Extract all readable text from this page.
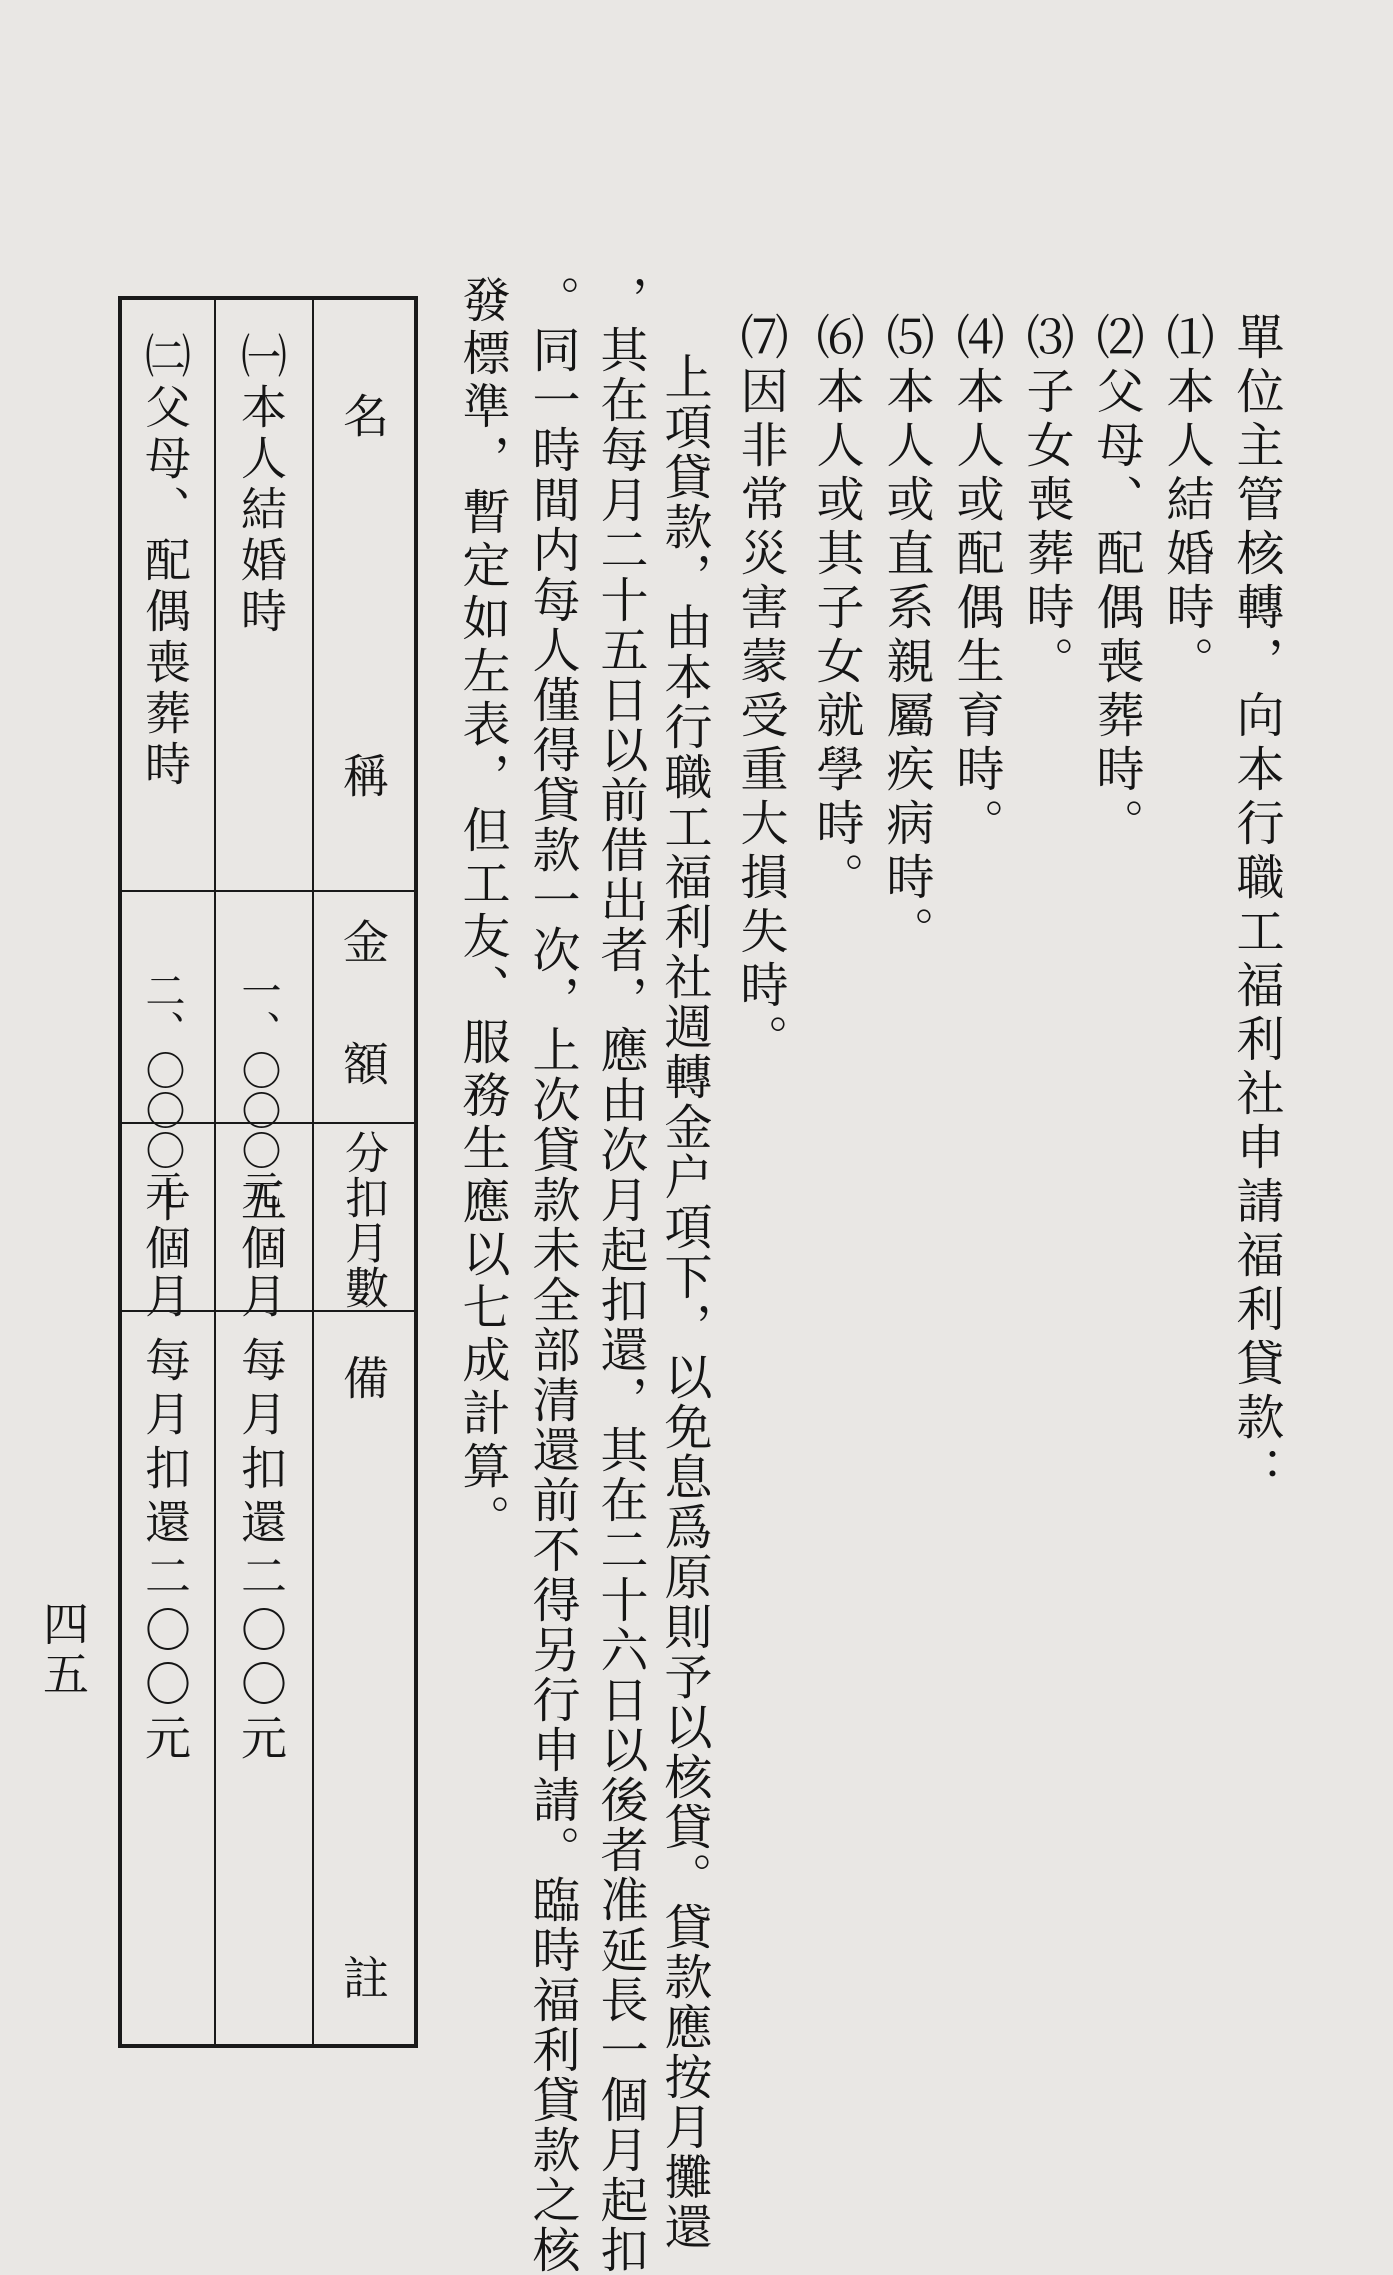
單位主管核轉，向本行職工福利社申請福利貸款：
⑴本人結婚時。
⑵父母、配偶喪葬時。
⑶子女喪葬時。
⑷本人或配偶生育時。
⑸本人或直系親屬疾病時。
⑹本人或其子女就學時。
⑺因非常災害蒙受重大損失時。
上項貸款，由本行職工福利社週轉金户項下，以免息爲原則予以核貸。貸款應按月攤還
，其在每月二十五日以前借出者，應由次月起扣還，其在二十六日以後者准延長一個月起扣
。同一時間内每人僅得貸款一次，上次貸款未全部清還前不得另行申請。臨時福利貸款之核
發標準，暫定如左表，但工友、服務生應以七成計算。
名
稱
金
額
分扣月數
備
註
㈠本人結婚時
一、〇〇〇元
五個月
每月扣還二〇〇元
㈡父母、配偶喪葬時
二、〇〇〇元
十個月
每月扣還二〇〇元
四五
